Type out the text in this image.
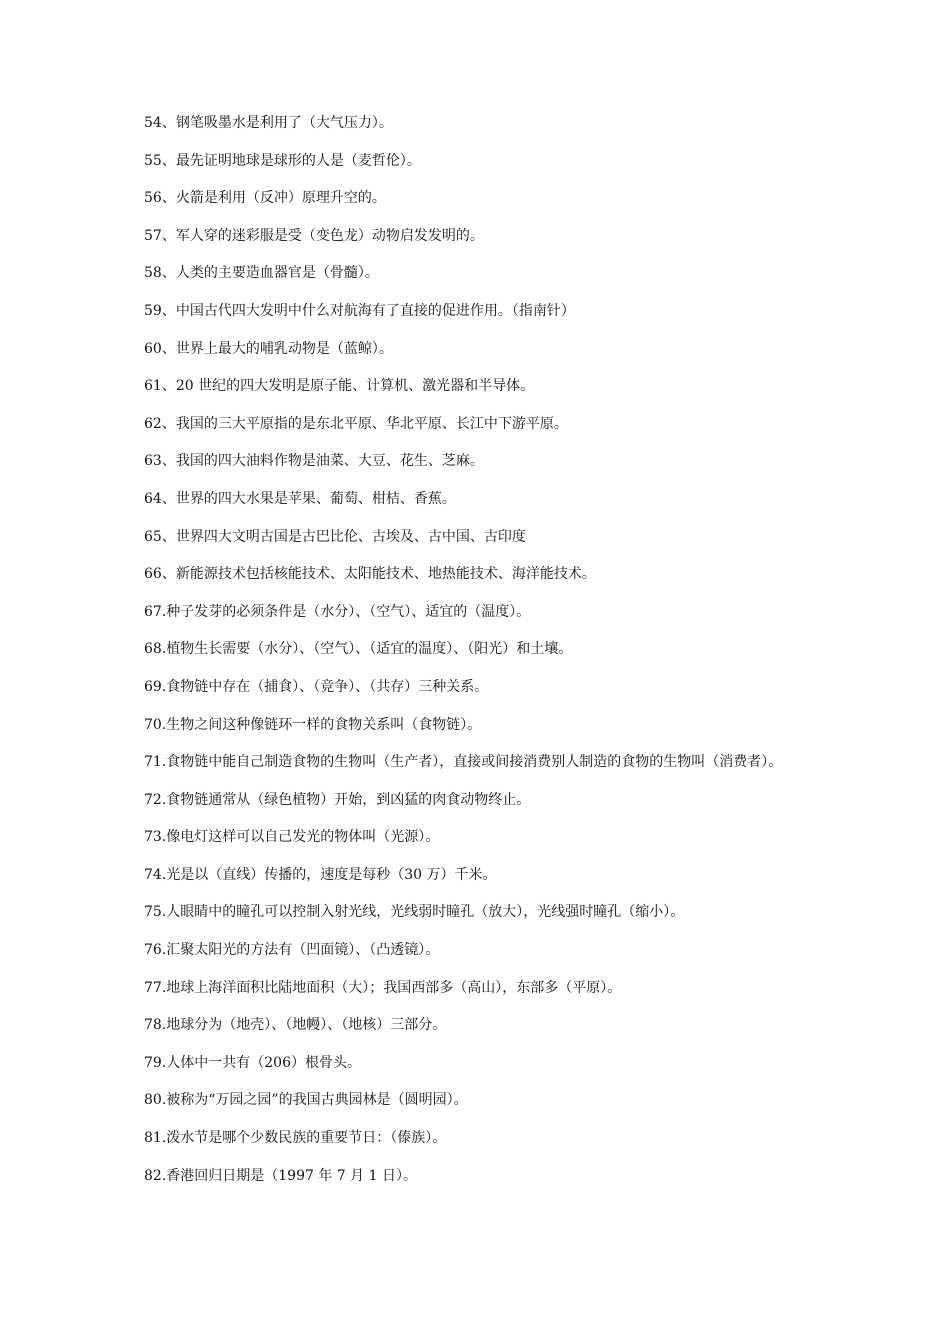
54、钢笔吸墨水是利用了（大气压力）。
55、最先证明地球是球形的人是（麦哲伦）。
56、火箭是利用（反冲）原理升空的。
57、军人穿的迷彩服是受（变色龙）动物启发发明的。
58、人类的主要造血器官是（骨髓）。
59、中国古代四大发明中什么对航海有了直接的促进作用。（指南针）
60、世界上最大的哺乳动物是（蓝鲸）。
61、20 世纪的四大发明是原子能、计算机、激光器和半导体。
62、我国的三大平原指的是东北平原、华北平原、长江中下游平原。
63、我国的四大油料作物是油菜、大豆、花生、芝麻。
64、世界的四大水果是苹果、葡萄、柑桔、香蕉。
65、世界四大文明古国是古巴比伦、古埃及、古中国、古印度
66、新能源技术包括核能技术、太阳能技术、地热能技术、海洋能技术。
67.种子发芽的必须条件是（水分）、（空气）、适宜的（温度）。
68.植物生长需要（水分）、（空气）、（适宜的温度）、（阳光）和土壤。
69.食物链中存在（捕食）、（竞争）、（共存）三种关系。
70.生物之间这种像链环一样的食物关系叫（食物链）。
71.食物链中能自己制造食物的生物叫（生产者），直接或间接消费别人制造的食物的生物叫（消费者）。
72.食物链通常从（绿色植物）开始，到凶猛的肉食动物终止。
73.像电灯这样可以自己发光的物体叫（光源）。
74.光是以（直线）传播的，速度是每秒（30 万）千米。
75.人眼睛中的瞳孔可以控制入射光线，光线弱时瞳孔（放大），光线强时瞳孔（缩小）。
76.汇聚太阳光的方法有（凹面镜）、（凸透镜）。
77.地球上海洋面积比陆地面积（大）；我国西部多（高山），东部多（平原）。
78.地球分为（地壳）、（地幔）、（地核）三部分。
79.人体中一共有（206）根骨头。
80.被称为“万园之园”的我国古典园林是（圆明园）。
81.泼水节是哪个少数民族的重要节日：（傣族）。
82.香港回归日期是（1997 年 7 月 1 日）。
